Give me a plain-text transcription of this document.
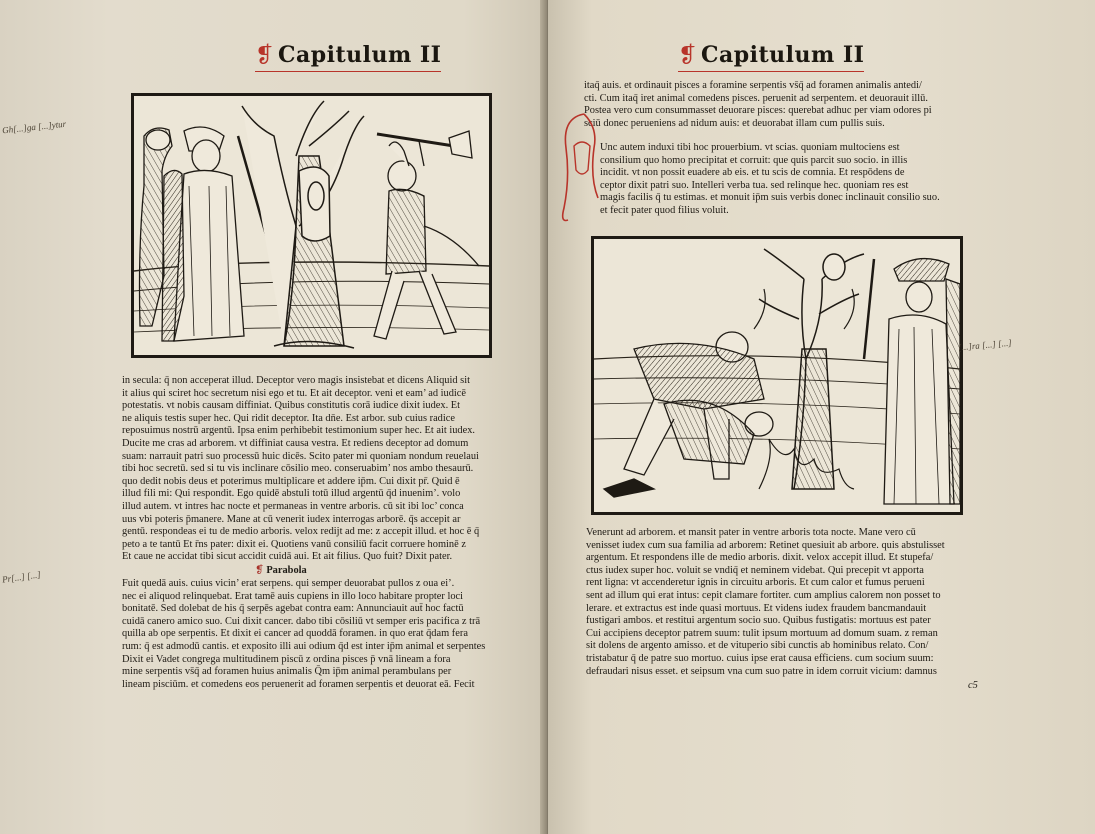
❡ Capitulum II
Gh[...]ga [...]ytur
Pr[...] [...]
in secula: q̄ non acceperat illud. Deceptor vero magis insistebat et dicens Aliquid sit
it alius qui sciret hoc secretum nisi ego et tu. Et ait deceptor. veni et eam’ ad iudicē
potestatis. vt nobis causam diffiniat. Quibus constitutis corā iudice dixit iudex. Et
ne aliquis testis super hec. Qui ridit deceptor. Ita dn̄e. Est arbor. sub cuius radice
reposuimus nostrū argentū. Ipsa enim perhibebit testimonium super hec. Et ait iudex.
Ducite me cras ad arborem. vt diffiniat causa vestra. Et rediens deceptor ad domum
suam: narrauit patri suo processū huic dicēs. Scito pater mi quoniam nondum reuelaui
tibi hoc secretū. sed si tu vis inclinare cōsilio meo. conseruabim’ nos ambo thesaurū.
quo dedit nobis deus et poterimus multiplicare et addere ip̄m. Cui dixit pr̄. Quid ē
illud fili mi: Qui respondit. Ego quidē abstuli totū illud argentū q̄d inuenim’. volo
illud autem. vt intres hac nocte et permaneas in ventre arboris. cū sit ibi loc’ conca
uus vbi poteris p̄manere. Mane at cū venerit iudex interrogas arborē. q̄s accepit ar
gentū. respondeas ei tu de medio arboris. velox redijt ad me: z accepit illud. et hoc ē q̄
peto a te tantū Et r̄ns pater: dixit ei. Quotiens vanū consiliū facit corruere hominē z
Et caue ne accidat tibi sicut accidit cuidā aui. Et ait filius. Quo fuit? Dixit pater.
❡ Parabola
Fuit quedā auis. cuius vicin’ erat serpens. qui semper deuorabat pullos z oua ei’.
nec ei aliquod relinquebat. Erat tamē auis cupiens in illo loco habitare propter loci
bonitatē. Sed dolebat de his q̄ serpēs agebat contra eam: Annunciauit aut̄ hoc factū
cuidā canero amico suo. Cui dixit cancer. dabo tibi cōsiliū vt semper eris pacifica z trā
quilla ab ope serpentis. Et dixit ei cancer ad quoddā foramen. in quo erat q̄dam fera
rum: q̄ est admodū cantis. et exposito illi aui odium q̄d est inter ip̄m animal et serpentes
Dixit ei Vadet congrega multitudinem piscū z ordina pisces p̄ vnā lineam a fora
mine serpentis vs̄q̄ ad foramen huius animalis Q̄m ip̄m animal perambulans per
lineam pisciūm. et comedens eos peruenerit ad foramen serpentis et deuorat eā. Fecit
❡ Capitulum II
itaq̄ auis. et ordinauit pisces a foramine serpentis vs̄q̄ ad foramen animalis antedi/
cti. Cum itaq̄ iret animal comedens pisces. peruenit ad serpentem. et deuorauit illū.
Postea vero cum consummasset deuorare pisces: querebat adhuc per viam odores pi
sciū donec perueniens ad nidum auis: et deuorabat illam cum pullis suis.
Unc autem induxi tibi hoc prouerbium. vt scias. quoniam multociens est
consilium quo homo precipitat et corruit: que quis parcit suo socio. in illis
incidit. vt non possit euadere ab eis. et tu scis de comnia. Et respōdens de
ceptor dixit patri suo. Intelleri verba tua. sed relinque hec. quoniam res est
magis facilis q̄ tu estimas. et monuit ip̄m suis verbis donec inclinauit consilio suo.
et fecit pater quod filius voluit.
[...]ra [...] [...]
Venerunt ad arborem. et mansit pater in ventre arboris tota nocte. Mane vero cū
venisset iudex cum sua familia ad arborem: Retinet quesiuit ab arbore. quis abstulisset
argentum. Et respondens ille de medio arboris. dixit. velox accepit illud. Et stupefa/
ctus iudex super hoc. voluit se vndiq̄ et neminem videbat. Qui precepit vt apporta
rent ligna: vt accenderetur ignis in circuitu arboris. Et cum calor et fumus perueni
sent ad illum qui erat intus: cepit clamare fortiter. cum amplius calorem non posset to
lerare. et extractus est inde quasi mortuus. Et videns iudex fraudem bancmandauit
fustigari ambos. et restitui argentum socio suo. Quibus fustigatis: mortuus est pater
Cui accipiens deceptor patrem suum: tulit ipsum mortuum ad domum suam. z reman
sit dolens de argento amisso. et de vituperio sibi cunctis ab hominibus relato. Con/
tristabatur q̄ de patre suo mortuo. cuius ipse erat causa efficiens. cum socium suum:
defraudari nisus esset. et seipsum vna cum suo patre in idem corruit vicium: damnus
c5
